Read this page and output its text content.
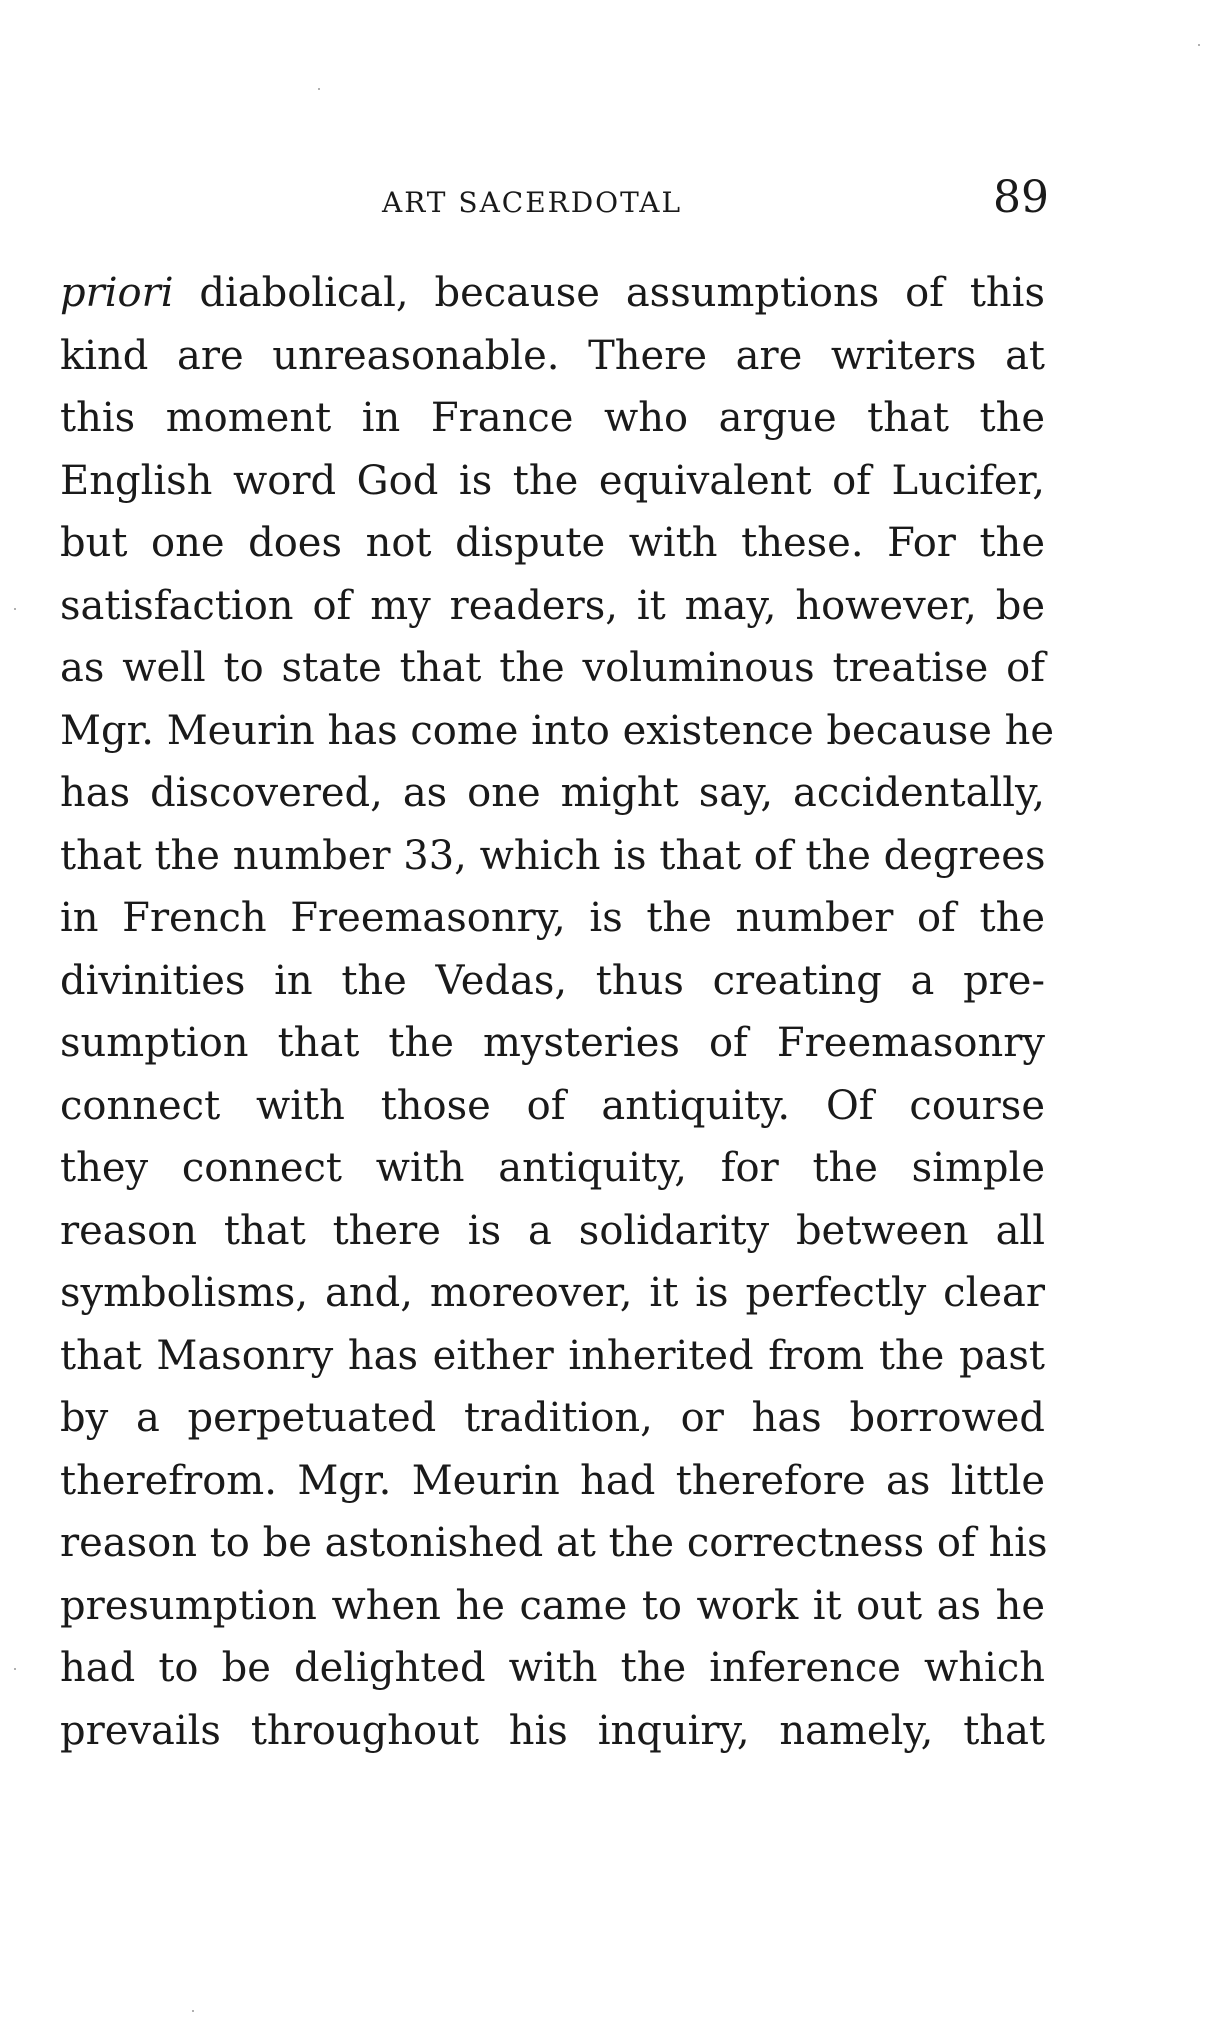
ART SACERDOTAL	89
priori diabolical, because assumptions of this
kind are unreasonable. There are writers at
this moment in France who argue that the
English word God is the equivalent of Lucifer,
but one does not dispute with these. For the
satisfaction of my readers, it may, however, be
as well to state that the voluminous treatise of
Mgr. Meurin has come into existence because he
has discovered, as one might say, accidentally,
that the number 33, which is that of the degrees
in French Freemasonry, is the number of the
divinities in the Vedas, thus creating a pre-
sumption that the mysteries of Freemasonry
connect with those of antiquity. Of course
they connect with antiquity, for the simple
reason that there is a solidarity between all
symbolisms, and, moreover, it is perfectly clear
that Masonry has either inherited from the past
by a perpetuated tradition, or has borrowed
therefrom. Mgr. Meurin had therefore as little
reason to be astonished at the correctness of his
presumption when he came to work it out as he
had to be delighted with the inference which
prevails throughout his inquiry, namely, that
